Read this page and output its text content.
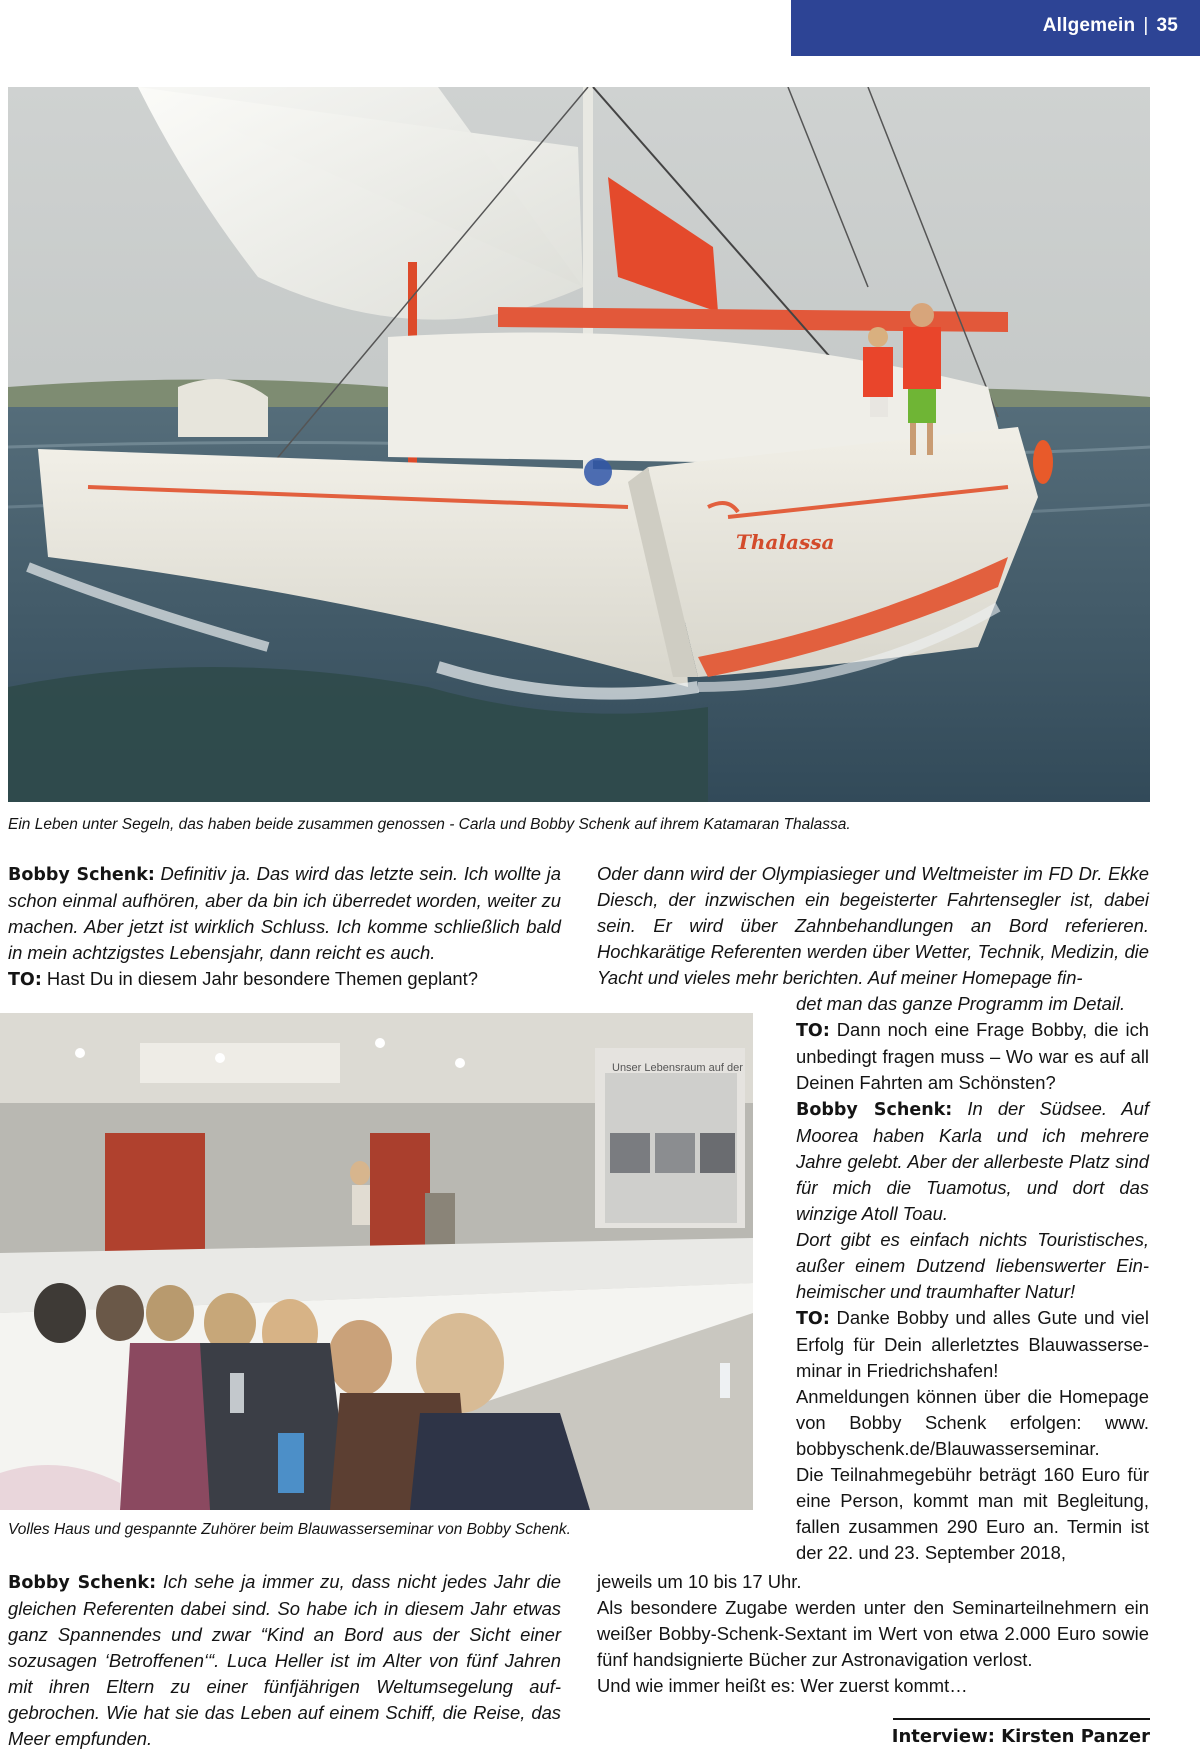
Allgemein | 35
Thalassa
Ein Leben unter Segeln, das haben beide zusammen genossen - Carla und Bobby Schenk auf ihrem Katamaran Thalassa.

Bobby Schenk: Definitiv ja. Das wird das letzte sein. Ich wollte ja schon einmal aufhören, aber da bin ich überredet worden, weiter zu machen. Aber jetzt ist wirklich Schluss. Ich komme schließlich bald in mein achtzigstes Lebensjahr, dann reicht es auch.

TO: Hast Du in diesem Jahr besondere Themen geplant?

Unser Lebensraum auf der
Volles Haus und gespannte Zuhörer beim Blauwasserseminar von Bobby Schenk.

Bobby Schenk: Ich sehe ja immer zu, dass nicht jedes Jahr die gleichen Referenten dabei sind. So habe ich in diesem Jahr etwas ganz Spannendes und zwar “Kind an Bord aus der Sicht einer sozusagen ‘Betroffenen‘“. Luca Heller ist im Alter von fünf Jahren mit ihren Eltern zu einer fünfjährigen Weltumsegelung aufgebrochen. Wie hat sie das Leben auf einem Schiff, die Reise, das Meer empfunden.

Oder dann wird der Olympiasieger und Weltmeister im FD Dr. Ekke Diesch, der inzwischen ein begeisterter Fahrtensegler ist, dabei sein. Er wird über Zahnbehandlungen an Bord referieren. Hochkarätige Referenten werden über Wetter, Technik, Medizin, die Yacht und vieles mehr berichten. Auf meiner Homepage fin-

det man das ganze Programm im Detail.

TO: Dann noch eine Frage Bobby, die ich unbedingt fragen muss – Wo war es auf all Deinen Fahrten am Schönsten?

Bobby Schenk: In der Südsee. Auf Moorea haben Karla und ich mehrere Jahre gelebt. Aber der allerbeste Platz sind für mich die Tuamotus, und dort das winzige Atoll Toau.

Dort gibt es einfach nichts Touristisches, außer einem Dutzend liebenswerter Einheimischer und traumhafter Natur!

TO: Danke Bobby und alles Gute und viel Erfolg für Dein allerletztes Blauwasserseminar in Friedrichshafen!

Anmeldungen können über die Homepage von Bobby Schenk erfolgen: www. bobbyschenk.de/Blauwasserseminar.

Die Teilnahmegebühr beträgt 160 Euro für eine Person, kommt man mit Begleitung, fallen zusammen 290 Euro an. Termin ist der 22. und 23. September 2018,

jeweils um 10 bis 17 Uhr.

Als besondere Zugabe werden unter den Seminarteilnehmern ein weißer Bobby-Schenk-Sextant im Wert von etwa 2.000 Euro sowie fünf handsignierte Bücher zur Astronavigation verlost.

Und wie immer heißt es: Wer zuerst kommt…

Interview: Kirsten Panzer
